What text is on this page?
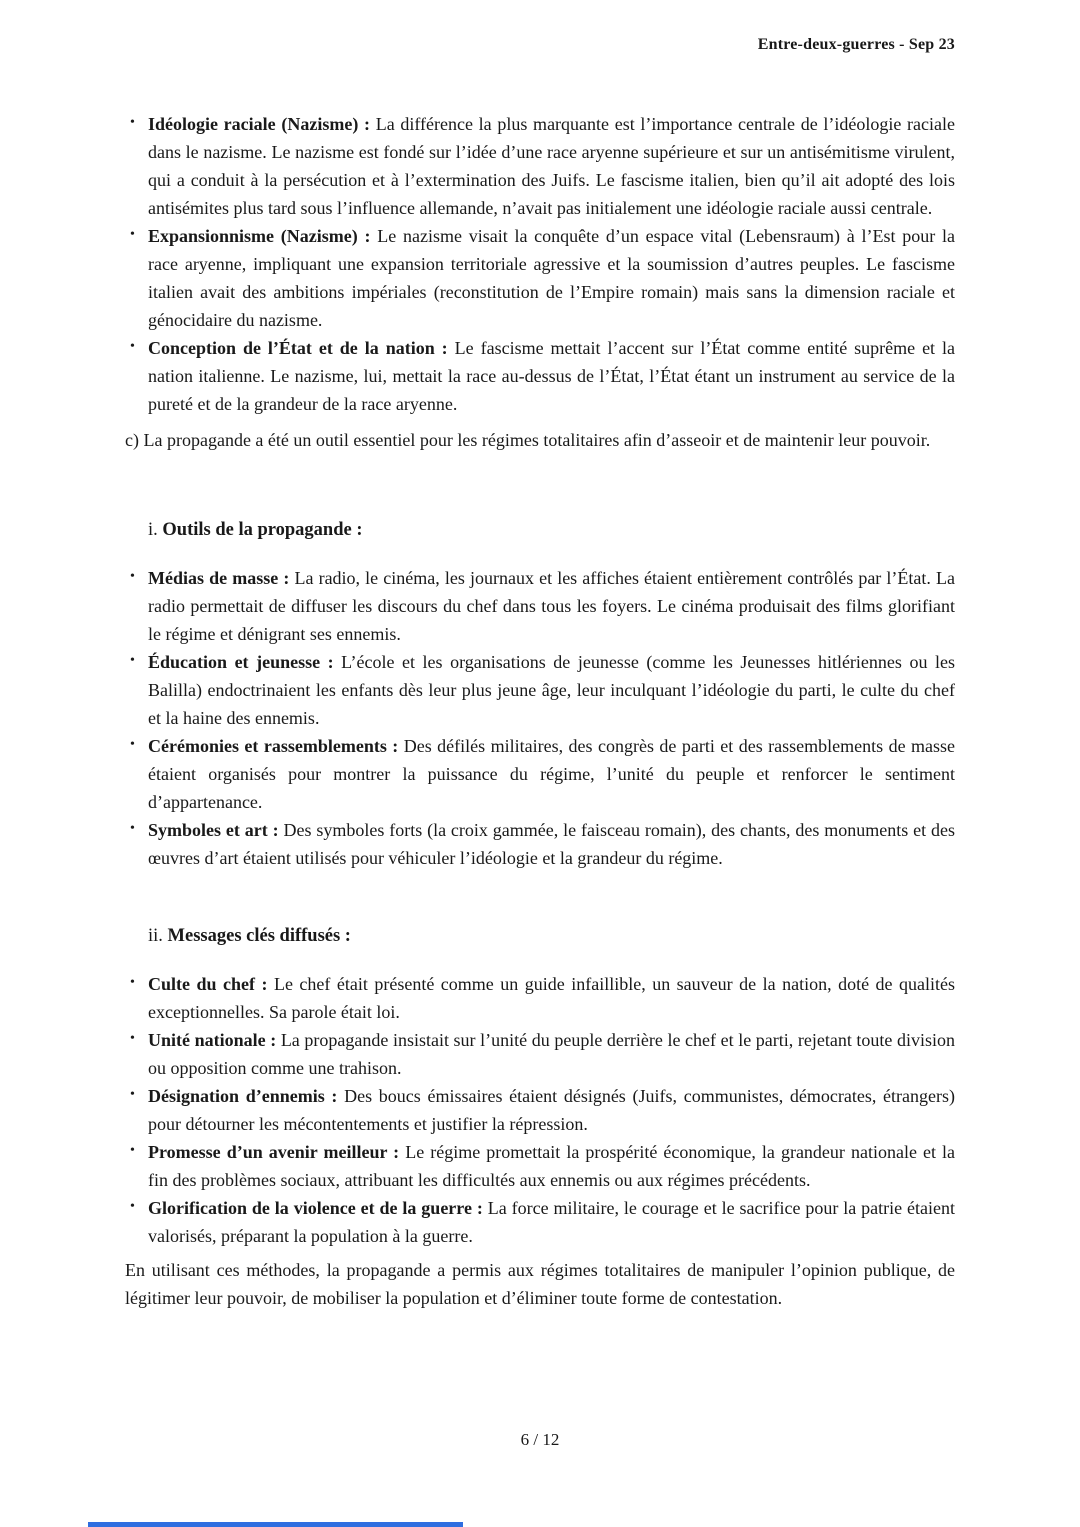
Entre-deux-guerres - Sep 23
• Idéologie raciale (Nazisme) : La différence la plus marquante est l’importance centrale de l’idéologie raciale dans le nazisme. Le nazisme est fondé sur l’idée d’une race aryenne supérieure et sur un antisémitisme virulent, qui a conduit à la persécution et à l’extermination des Juifs. Le fascisme italien, bien qu’il ait adopté des lois antisémites plus tard sous l’influence allemande, n’avait pas initialement une idéologie raciale aussi centrale.
• Expansionnisme (Nazisme) : Le nazisme visait la conquête d’un espace vital (Lebensraum) à l’Est pour la race aryenne, impliquant une expansion territoriale agressive et la soumission d’autres peuples. Le fascisme italien avait des ambitions impériales (reconstitution de l’Empire romain) mais sans la dimension raciale et génocidaire du nazisme.
• Conception de l’État et de la nation : Le fascisme mettait l’accent sur l’État comme entité suprême et la nation italienne. Le nazisme, lui, mettait la race au-dessus de l’État, l’État étant un instrument au service de la pureté et de la grandeur de la race aryenne.

c) La propagande a été un outil essentiel pour les régimes totalitaires afin d’asseoir et de maintenir leur pouvoir.

i. Outils de la propagande :
• Médias de masse : La radio, le cinéma, les journaux et les affiches étaient entièrement contrôlés par l’État. La radio permettait de diffuser les discours du chef dans tous les foyers. Le cinéma produisait des films glorifiant le régime et dénigrant ses ennemis.
• Éducation et jeunesse : L’école et les organisations de jeunesse (comme les Jeunesses hitlériennes ou les Balilla) endoctrinaient les enfants dès leur plus jeune âge, leur inculquant l’idéologie du parti, le culte du chef et la haine des ennemis.
• Cérémonies et rassemblements : Des défilés militaires, des congrès de parti et des rassemblements de masse étaient organisés pour montrer la puissance du régime, l’unité du peuple et renforcer le sentiment d’appartenance.
• Symboles et art : Des symboles forts (la croix gammée, le faisceau romain), des chants, des monuments et des œuvres d’art étaient utilisés pour véhiculer l’idéologie et la grandeur du régime.
ii. Messages clés diffusés :
• Culte du chef : Le chef était présenté comme un guide infaillible, un sauveur de la nation, doté de qualités exceptionnelles. Sa parole était loi.
• Unité nationale : La propagande insistait sur l’unité du peuple derrière le chef et le parti, rejetant toute division ou opposition comme une trahison.
• Désignation d’ennemis : Des boucs émissaires étaient désignés (Juifs, communistes, démocrates, étrangers) pour détourner les mécontentements et justifier la répression.
• Promesse d’un avenir meilleur : Le régime promettait la prospérité économique, la grandeur nationale et la fin des problèmes sociaux, attribuant les difficultés aux ennemis ou aux régimes précédents.
• Glorification de la violence et de la guerre : La force militaire, le courage et le sacrifice pour la patrie étaient valorisés, préparant la population à la guerre.

En utilisant ces méthodes, la propagande a permis aux régimes totalitaires de manipuler l’opinion publique, de légitimer leur pouvoir, de mobiliser la population et d’éliminer toute forme de contestation.

6 / 12
